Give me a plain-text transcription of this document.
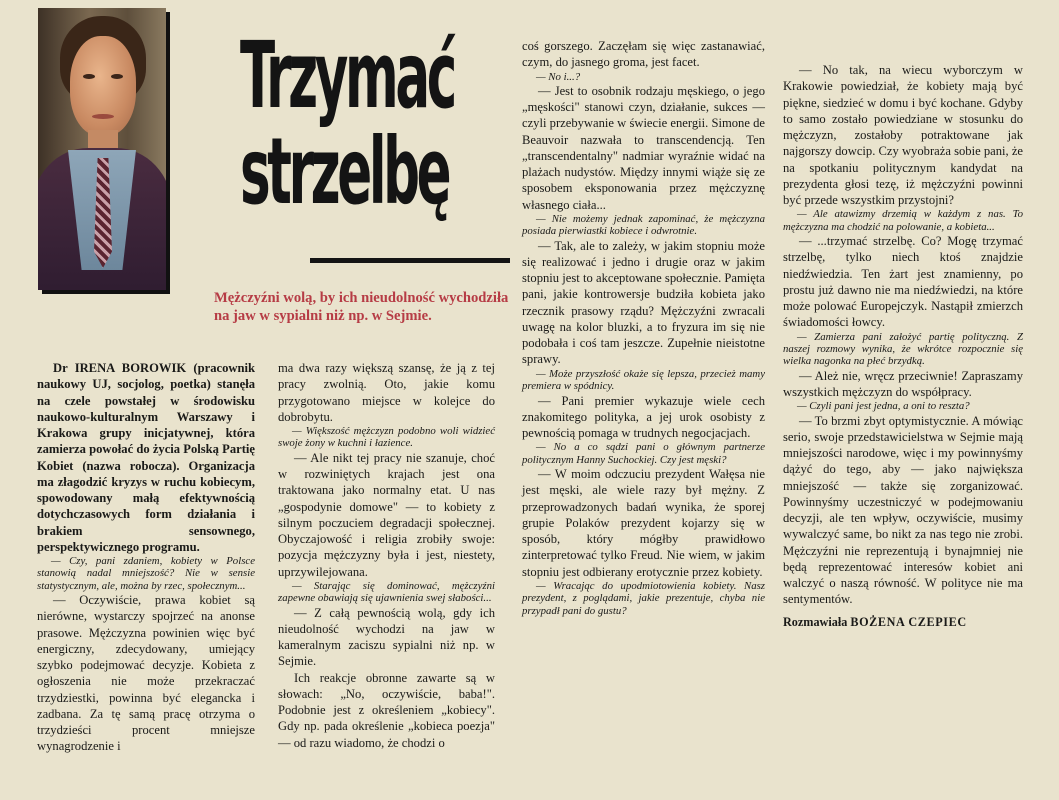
Trzymać
strzelbę
Mężczyźni wolą, by ich nieudolność wychodziła na jaw w sypialni niż np. w Sejmie.

Dr IRENA BOROWIK (pracownik naukowy UJ, socjolog, poetka) stanęła na czele powstałej w środowisku naukowo-kulturalnym Warszawy i Krakowa grupy inicjatywnej, która zamierza powołać do życia Polską Partię Kobiet (nazwa robocza). Organizacja ma złagodzić kryzys w ruchu kobiecym, spowodowany małą efektywnością dotychczasowych form działania i brakiem sensownego, perspektywicznego programu.

— Czy, pani zdaniem, kobiety w Polsce stanowią nadal mniejszość? Nie w sensie statystycznym, ale, można by rzec, społecznym...

— Oczywiście, prawa kobiet są nierówne, wystarczy spojrzeć na anonse prasowe. Mężczyzna powinien więc być energiczny, zdecydowany, umiejący szybko podejmować decyzje. Kobieta z ogłoszenia nie może przekraczać trzydziestki, powinna być elegancka i zadbana. Za tę samą pracę otrzyma o trzydzieści procent mniejsze wynagrodzenie i

ma dwa razy większą szansę, że ją z tej pracy zwolnią. Oto, jakie komu przygotowano miejsce w kolejce do dobrobytu.

— Większość mężczyzn podobno woli widzieć swoje żony w kuchni i łazience.

— Ale nikt tej pracy nie szanuje, choć w rozwiniętych krajach jest ona traktowana jako normalny etat. U nas „gospodynie domowe" — to kobiety z silnym poczuciem degradacji społecznej. Obyczajowość i religia zrobiły swoje: pozycja mężczyzny była i jest, niestety, uprzywilejowana.

— Starając się dominować, mężczyźni zapewne obawiają się ujawnienia swej słabości...

— Z całą pewnością wolą, gdy ich nieudolność wychodzi na jaw w kameralnym zaciszu sypialni niż np. w Sejmie.

Ich reakcje obronne zawarte są w słowach: „No, oczywiście, baba!". Podobnie jest z określeniem „kobiecy". Gdy np. pada określenie „kobieca poezja" — od razu wiadomo, że chodzi o

coś gorszego. Zaczęłam się więc zastanawiać, czym, do jasnego groma, jest facet.

— No i...?

— Jest to osobnik rodzaju męskiego, o jego „męskości" stanowi czyn, działanie, sukces — czyli przebywanie w świecie energii. Simone de Beauvoir nazwała to transcendencją. Ten „transcendentalny" nadmiar wyraźnie widać na plażach nudystów. Między innymi wiąże się ze sposobem eksponowania przez mężczyznę własnego ciała...

— Nie możemy jednak zapominać, że mężczyzna posiada pierwiastki kobiece i odwrotnie.

— Tak, ale to zależy, w jakim stopniu może się realizować i jedno i drugie oraz w jakim stopniu jest to akceptowane społecznie. Pamięta pani, jakie kontrowersje budziła kobieta jako rzecznik prasowy rządu? Mężczyźni zwracali uwagę na kolor bluzki, a to fryzura im się nie podobała i coś tam jeszcze. Zupełnie nieistotne sprawy.

— Może przyszłość okaże się lepsza, przecież mamy premiera w spódnicy.

— Pani premier wykazuje wiele cech znakomitego polityka, a jej urok osobisty z pewnością pomaga w trudnych negocjacjach.

— No a co sądzi pani o głównym partnerze politycznym Hanny Suchockiej. Czy jest męski?

— W moim odczuciu prezydent Wałęsa nie jest męski, ale wiele razy był mężny. Z przeprowadzonych badań wynika, że sporej grupie Polaków prezydent kojarzy się w sposób, który mógłby prawidłowo zinterpretować tylko Freud. Nie wiem, w jakim stopniu jest odbierany erotycznie przez kobiety.

— Wracając do upodmiotowienia kobiety. Nasz prezydent, z poglądami, jakie prezentuje, chyba nie przypadł pani do gustu?

— No tak, na wiecu wyborczym w Krakowie powiedział, że kobiety mają być piękne, siedzieć w domu i być kochane. Gdyby to samo zostało powiedziane w stosunku do mężczyzn, zostałoby potraktowane jak najgorszy dowcip. Czy wyobraża sobie pani, że na spotkaniu politycznym kandydat na prezydenta głosi tezę, iż mężczyźni powinni być przede wszystkim przystojni?

— Ale atawizmy drzemią w każdym z nas. To mężczyzna ma chodzić na polowanie, a kobieta...

— ...trzymać strzelbę. Co? Mogę trzymać strzelbę, tylko niech ktoś znajdzie niedźwiedzia. Ten żart jest znamienny, po prostu już dawno nie ma niedźwiedzi, na które może polować Europejczyk. Nastąpił zmierzch świadomości łowcy.

— Zamierza pani założyć partię polityczną. Z naszej rozmowy wynika, że wkrótce rozpocznie się wielka nagonka na płeć brzydką.

— Ależ nie, wręcz przeciwnie! Zapraszamy wszystkich mężczyzn do współpracy.

— Czyli pani jest jedna, a oni to reszta?

— To brzmi zbyt optymistycznie. A mówiąc serio, swoje przedstawicielstwa w Sejmie mają mniejszości narodowe, więc i my powinnyśmy dążyć do tego, aby — jako największa mniejszość — także się zorganizować. Powinnyśmy uczestniczyć w podejmowaniu decyzji, ale ten wpływ, oczywiście, musimy wywalczyć same, bo nikt za nas tego nie zrobi. Mężczyźni nie reprezentują i bynajmniej nie będą reprezentować interesów kobiet ani walczyć o naszą równość. W polityce nie ma sentymentów.

Rozmawiała BOŻENA CZEPIEC
